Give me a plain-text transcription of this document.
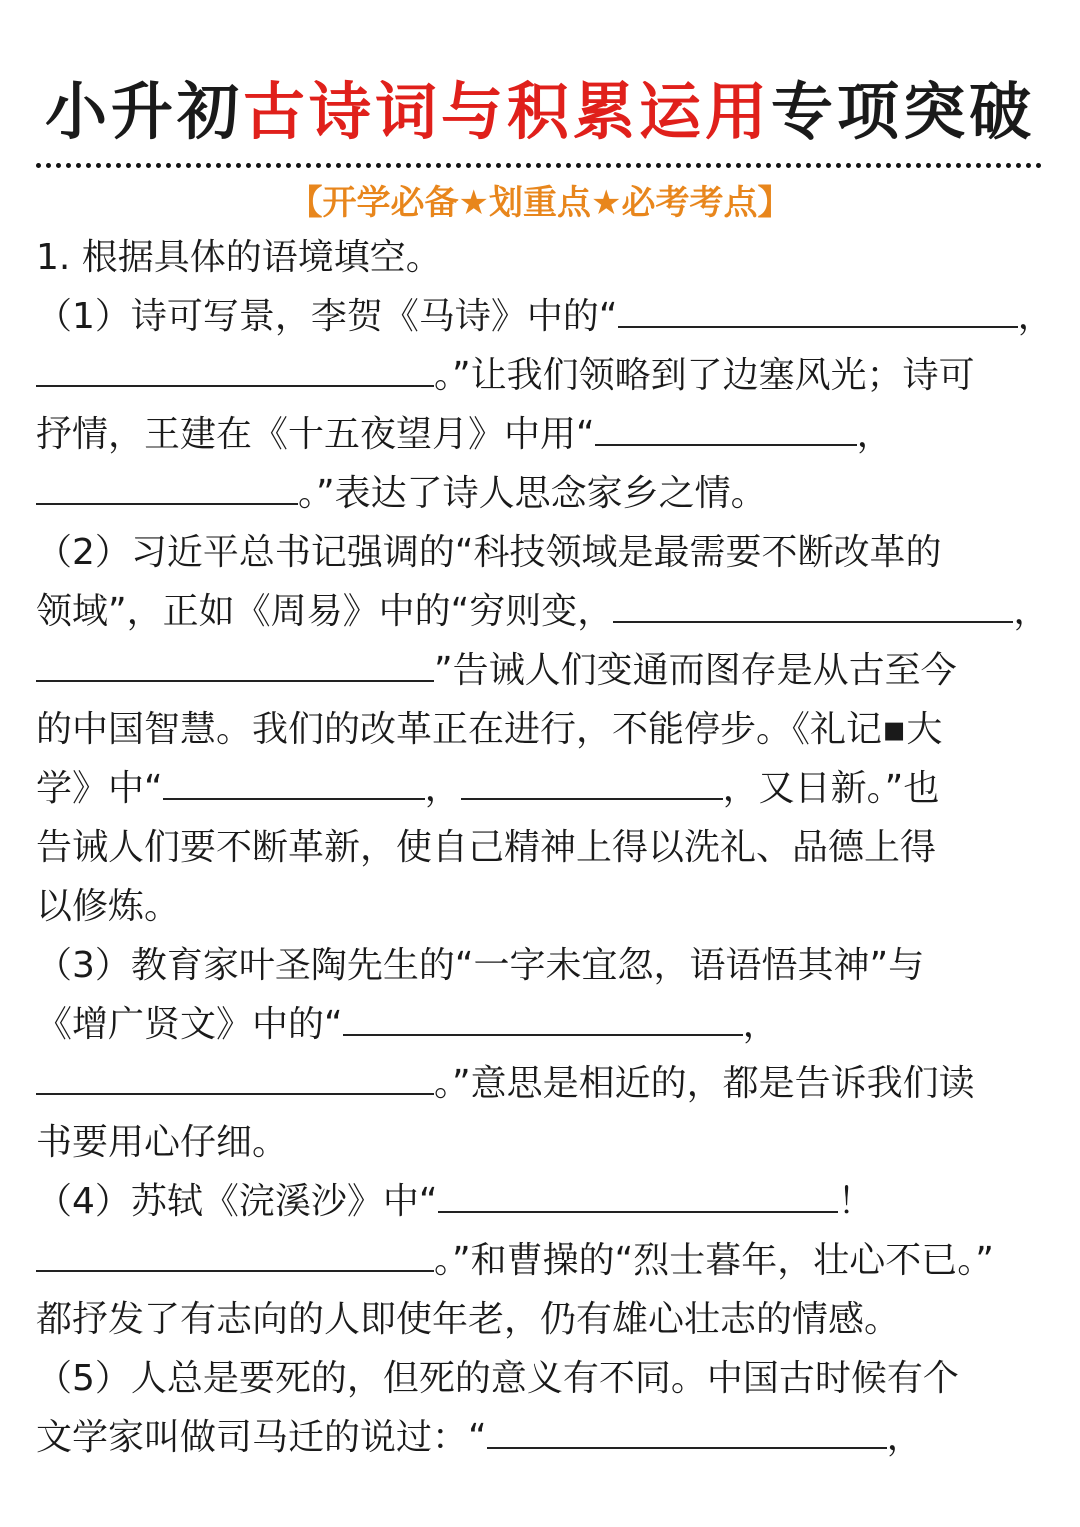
小升初古诗词与积累运用专项突破
【开学必备★划重点★必考考点】
1. 根据具体的语境填空。
（1）诗可写景，李贺《马诗》中的“	，
。”让我们领略到了边塞风光；诗可
抒情，王建在《十五夜望月》中用“	，
。”表达了诗人思念家乡之情。
（2）习近平总书记强调的“科技领域是最需要不断改革的
领域”，正如《周易》中的“穷则变，	，
”告诫人们变通而图存是从古至今
的中国智慧。我们的改革正在进行，不能停步。《礼记▪大
学》中“	，	，又日新。”也
告诫人们要不断革新，使自己精神上得以洗礼、品德上得
以修炼。
（3）教育家叶圣陶先生的“一字未宜忽，语语悟其神”与
《增广贤文》中的“	，
。”意思是相近的，都是告诉我们读
书要用心仔细。
（4）苏轼《浣溪沙》中“	！
。”和曹操的“烈士暮年，壮心不已。”
都抒发了有志向的人即使年老，仍有雄心壮志的情感。
（5）人总是要死的，但死的意义有不同。中国古时候有个
文学家叫做司马迁的说过：“	，
